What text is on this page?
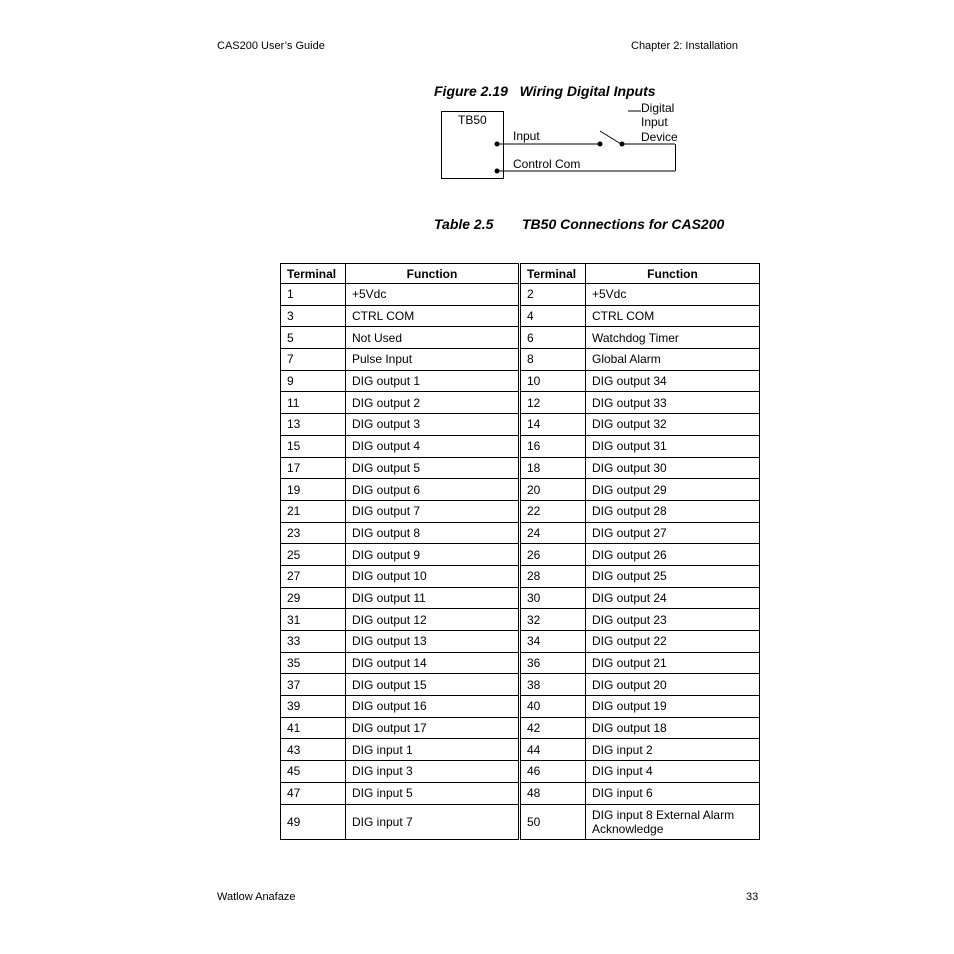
CAS200 User’s Guide	Chapter 2: Installation
Figure 2.19   Wiring Digital Inputs
TB50
Input
Control Com
Digital
Input
Device
Table 2.5 TB50 Connections for CAS200
Terminal	Function		Terminal	Function
1	+5Vdc		2	+5Vdc
3	CTRL COM		4	CTRL COM
5	Not Used		6	Watchdog Timer
7	Pulse Input		8	Global Alarm
9	DIG output 1		10	DIG output 34
11	DIG output 2		12	DIG output 33
13	DIG output 3		14	DIG output 32
15	DIG output 4		16	DIG output 31
17	DIG output 5		18	DIG output 30
19	DIG output 6		20	DIG output 29
21	DIG output 7		22	DIG output 28
23	DIG output 8		24	DIG output 27
25	DIG output 9		26	DIG output 26
27	DIG output 10		28	DIG output 25
29	DIG output 11		30	DIG output 24
31	DIG output 12		32	DIG output 23
33	DIG output 13		34	DIG output 22
35	DIG output 14		36	DIG output 21
37	DIG output 15		38	DIG output 20
39	DIG output 16		40	DIG output 19
41	DIG output 17		42	DIG output 18
43	DIG input 1		44	DIG input 2
45	DIG input 3		46	DIG input 4
47	DIG input 5		48	DIG input 6
49	DIG input 7		50	DIG input 8 External Alarm Acknowledge
Watlow Anafaze	33
